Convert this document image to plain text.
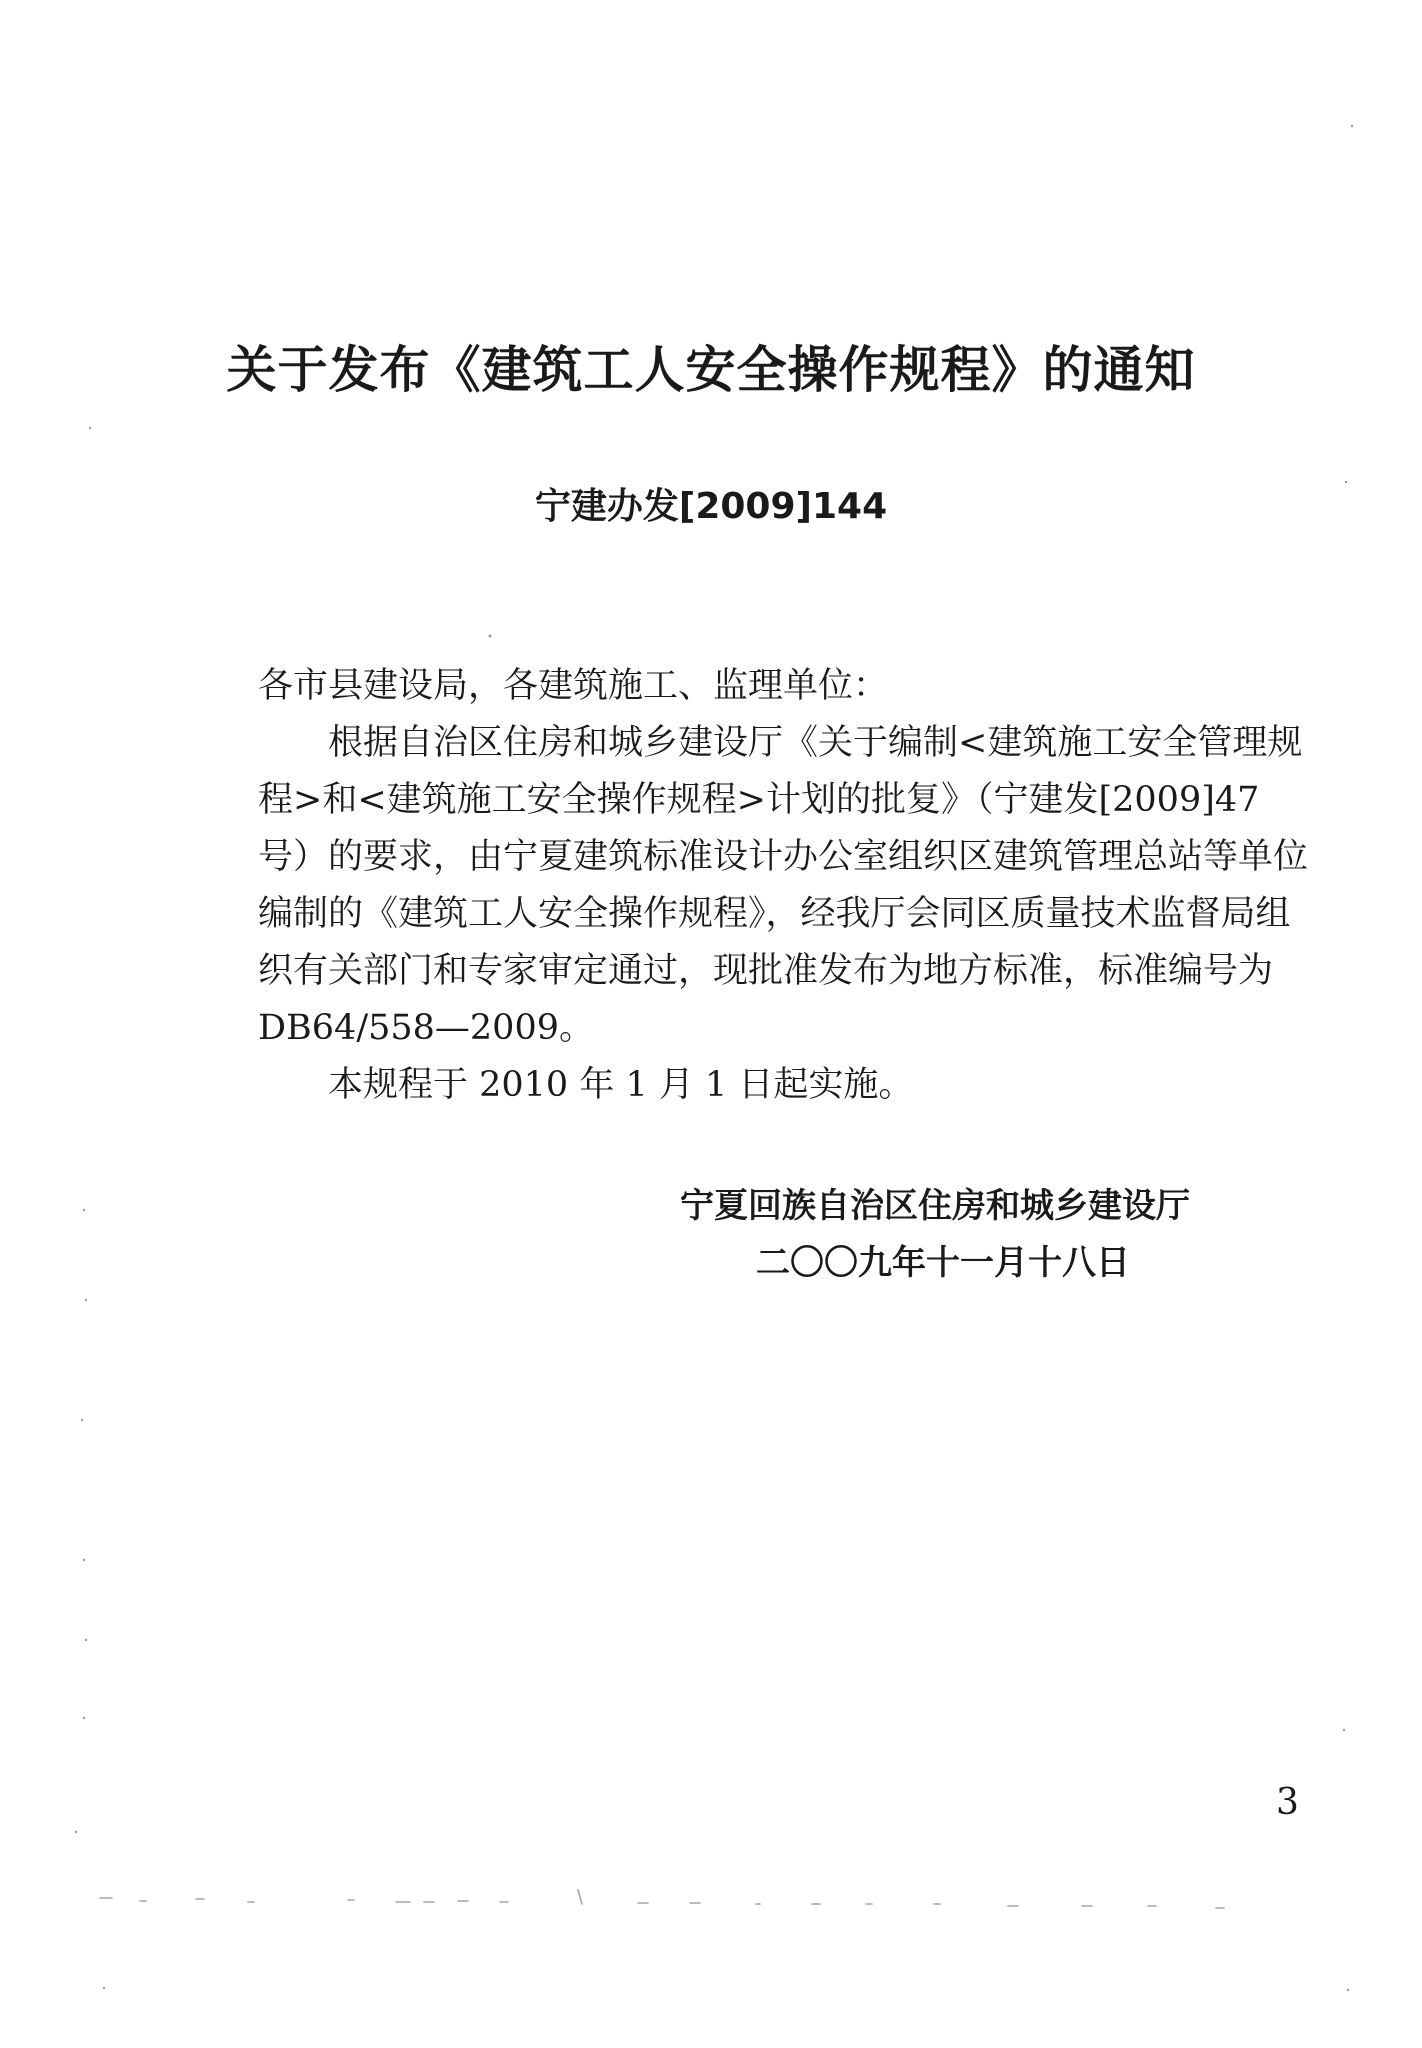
关于发布《建筑工人安全操作规程》的通知
宁建办发[2009]144

各市县建设局，各建筑施工、监理单位：

根据自治区住房和城乡建设厅《关于编制<建筑施工安全管理规程>和<建筑施工安全操作规程>计划的批复》（宁建发[2009]47号）的要求，由宁夏建筑标准设计办公室组织区建筑管理总站等单位编制的《建筑工人安全操作规程》，经我厅会同区质量技术监督局组织有关部门和专家审定通过，现批准发布为地方标准，标准编号为 DB64/558—2009。

本规程于 2010 年 1 月 1 日起实施。

宁夏回族自治区住房和城乡建设厅
二〇〇九年十一月十八日
3
